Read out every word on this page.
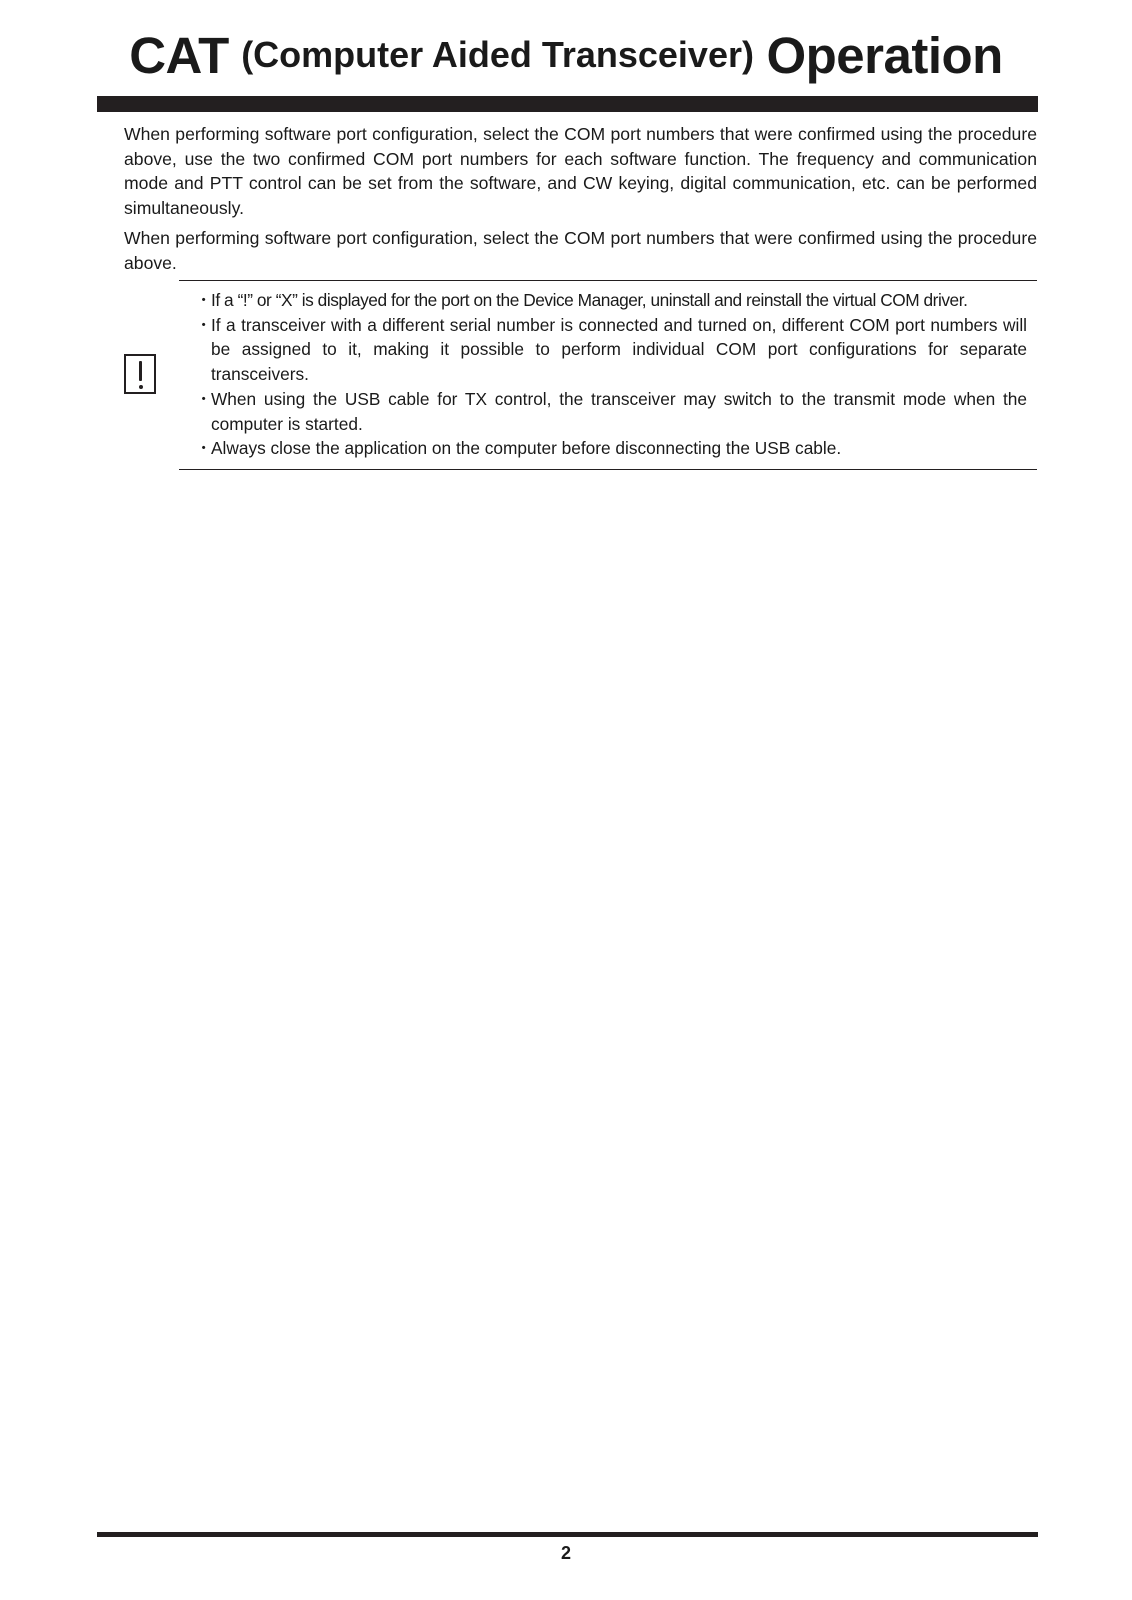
CAT (Computer Aided Transceiver) Operation

When performing software port configuration, select the COM port numbers that were confirmed using the procedure above, use the two confirmed COM port numbers for each software function. The frequency and communication mode and PTT control can be set from the software, and CW keying, digital communication, etc. can be performed simultaneously.

When performing software port configuration, select the COM port numbers that were confirmed using the procedure above.

・ If a “!” or “X” is displayed for the port on the Device Manager, uninstall and reinstall the virtual COM driver.
・
If a transceiver with a different serial number is connected and turned on, different COM port numbers will be assigned to it, making it possible to perform individual COM port configurations for separate transceivers.
・
When using the USB cable for TX control, the transceiver may switch to the transmit mode when the computer is started.
・
Always close the application on the computer before disconnecting the USB cable.
2
